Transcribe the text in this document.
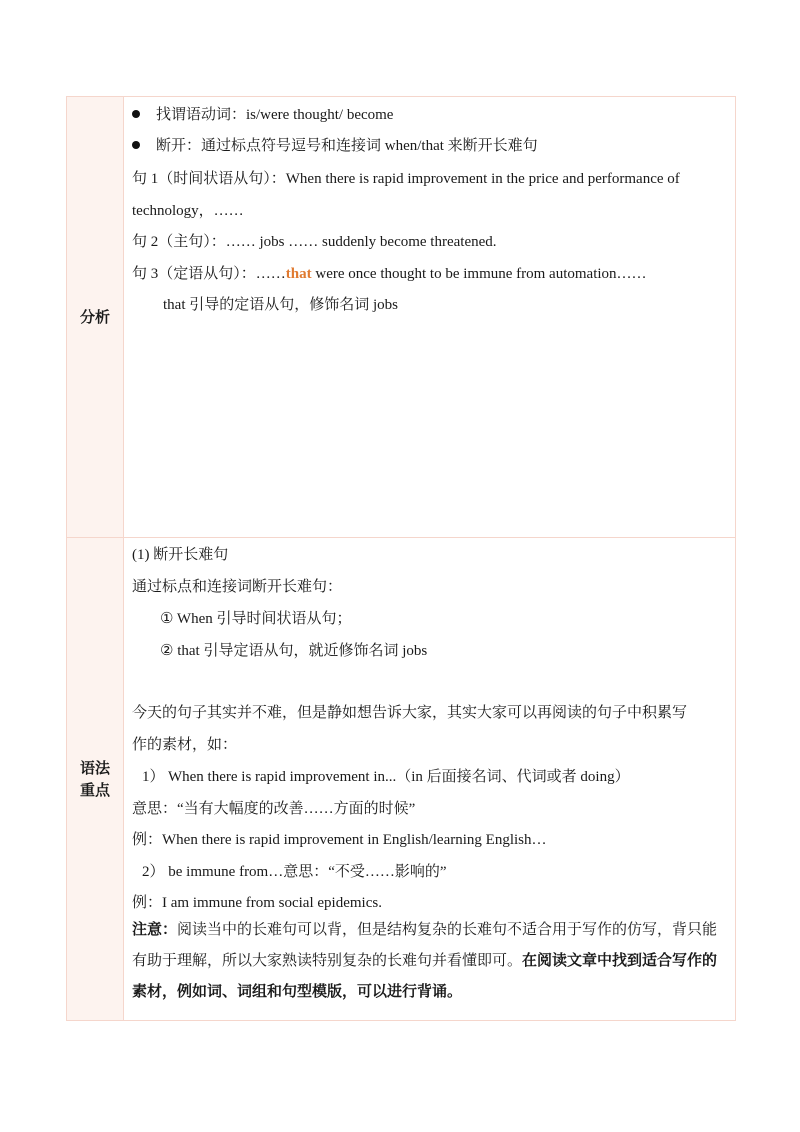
分析
找谓语动词：is/were thought/ become
断开：通过标点符号逗号和连接词 when/that 来断开长难句
句 1（时间状语从句）：When there is rapid improvement in the price and performance of
technology，……
句 2（主句）：…… jobs …… suddenly become threatened.
句 3（定语从句）：……that were once thought to be immune from automation……
that 引导的定语从句，修饰名词 jobs
语法
重点
(1) 断开长难句
通过标点和连接词断开长难句：
① When 引导时间状语从句；
② that 引导定语从句，就近修饰名词 jobs
今天的句子其实并不难，但是静如想告诉大家，其实大家可以再阅读的句子中积累写
作的素材，如：
1） When there is rapid improvement in...（in 后面接名词、代词或者 doing）
意思：“当有大幅度的改善……方面的时候”
例：When there is rapid improvement in English/learning English…
2） be immune from…意思：“不受……影响的”
例：I am immune from social epidemics.
注意：阅读当中的长难句可以背，但是结构复杂的长难句不适合用于写作的仿写，背只能有助于理解，所以大家熟读特别复杂的长难句并看懂即可。在阅读文章中找到适合写作的素材，例如词、词组和句型模版，可以进行背诵。
